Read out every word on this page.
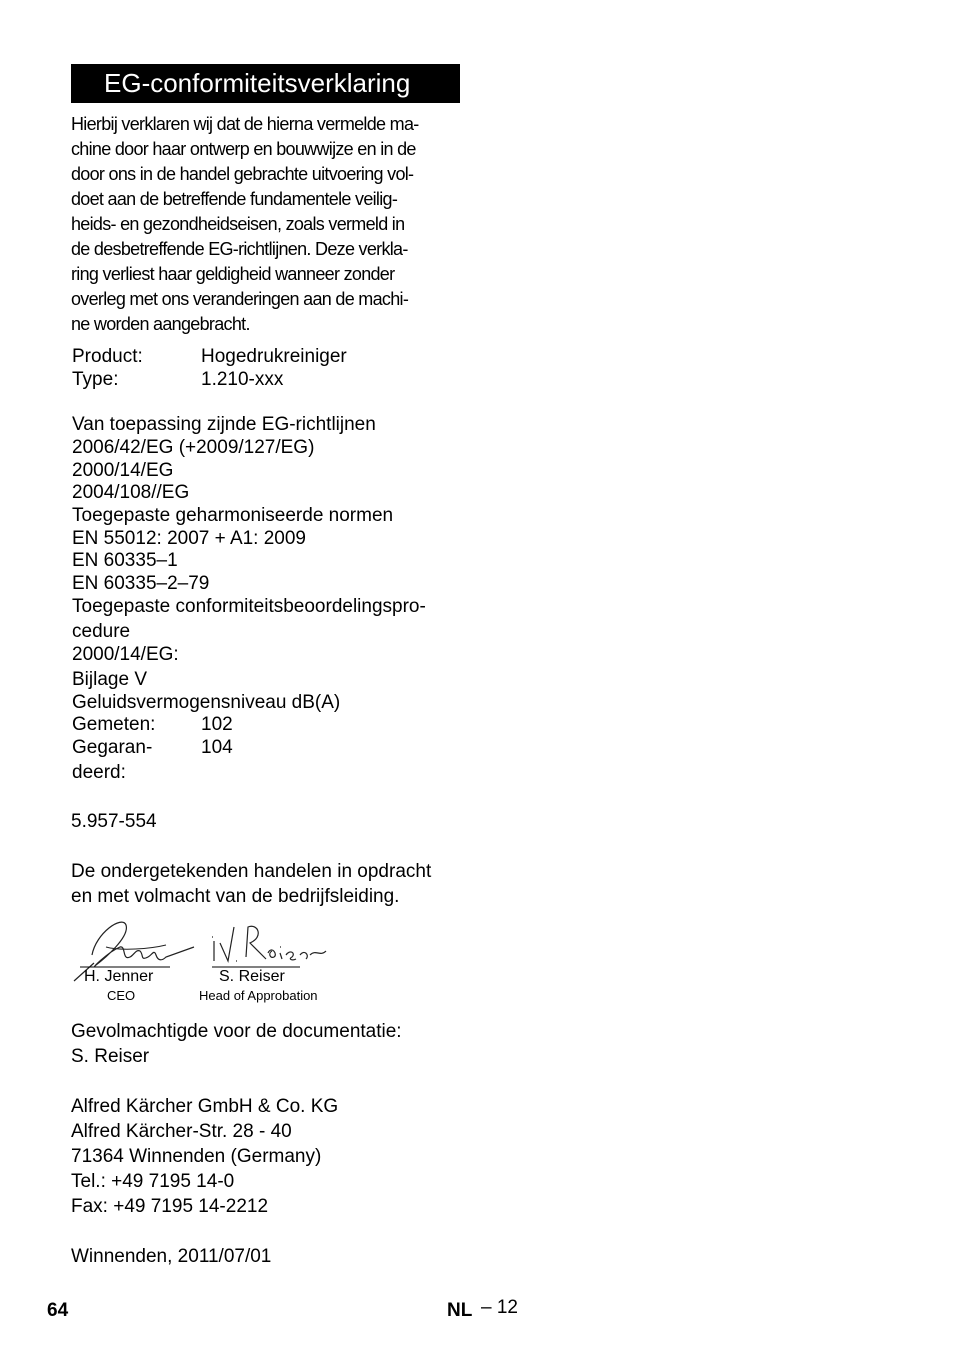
EG-conformiteitsverklaring
Hierbij verklaren wij dat de hierna vermelde ma-
chine door haar ontwerp en bouwwijze en in de
door ons in de handel gebrachte uitvoering vol-
doet aan de betreffende fundamentele veilig-
heids- en gezondheidseisen, zoals vermeld in
de desbetreffende EG-richtlijnen. Deze verkla-
ring verliest haar geldigheid wanneer zonder
overleg met ons veranderingen aan de machi-
ne worden aangebracht.
Product:	Hogedrukreiniger
Type:	1.210-xxx
Van toepassing zijnde EG-richtlijnen
2006/42/EG (+2009/127/EG)
2000/14/EG
2004/108//EG
Toegepaste geharmoniseerde normen
EN 55012: 2007 + A1: 2009
EN 60335–1
EN 60335–2–79
Toegepaste conformiteitsbeoordelingspro-
cedure
2000/14/EG:
Bijlage V
Geluidsvermogensniveau dB(A)
Gemeten: 102
Gegaran-	104
deerd:
5.957-554
De ondergetekenden handelen in opdracht
en met volmacht van de bedrijfsleiding.
H. Jenner
CEO
S. Reiser
Head of Approbation
Gevolmachtigde voor de documentatie:
S. Reiser
Alfred Kärcher GmbH & Co. KG
Alfred Kärcher-Str. 28 - 40
71364 Winnenden (Germany)
Tel.: +49 7195 14-0
Fax: +49 7195 14-2212
Winnenden, 2011/07/01
64	NL – 12
